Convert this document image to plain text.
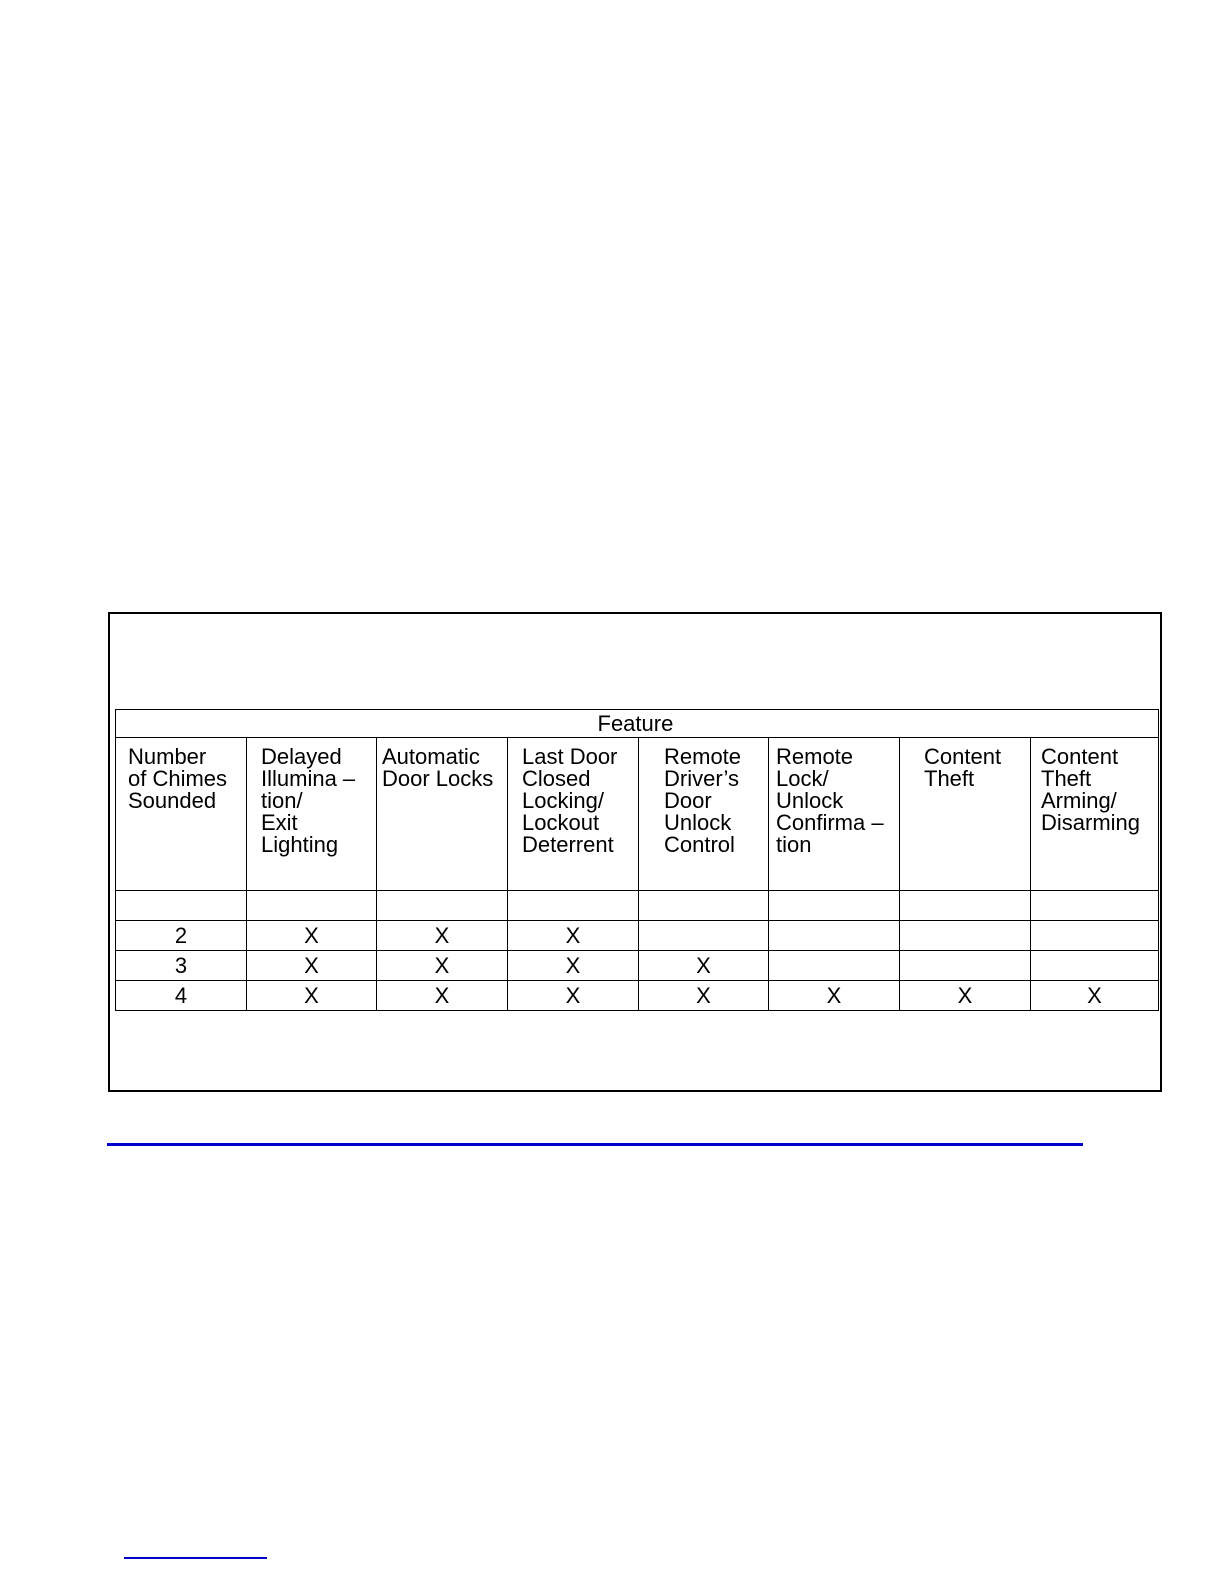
	Feature						
Number
of Chimes
Sounded	Delayed
Illumina –
tion/
Exit
Lighting	Automatic
Door Locks	Last Door
Closed
Locking/
Lockout
Deterrent	Remote
Driver’s
Door
Unlock
Control	Remote
Lock/
Unlock
Confirma –
tion	Content
Theft	Content
Theft
Arming/
Disarming

2	X	X	X				
3	X	X	X	X			
4	X	X	X	X	X	X	X
